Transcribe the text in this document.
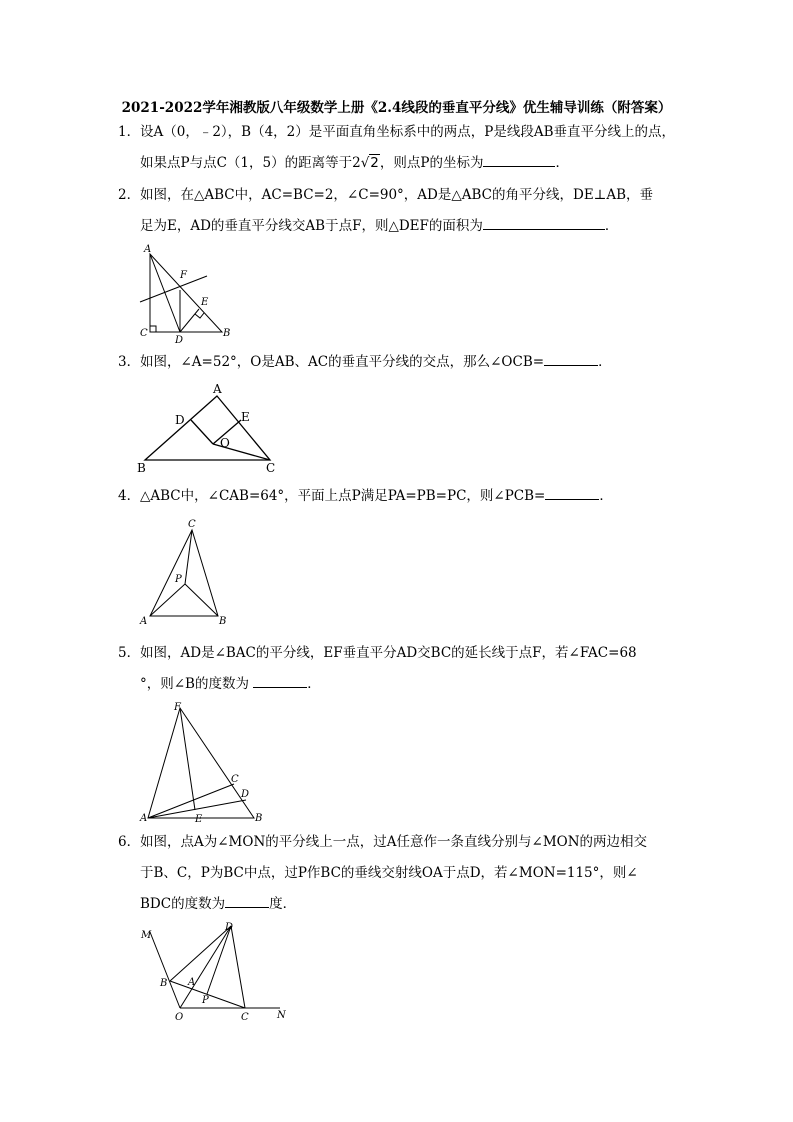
2021-2022学年湘教版八年级数学上册《2.4线段的垂直平分线》优生辅导训练（附答案）

1．设A（0，﹣2），B（4，2）是平面直角坐标系中的两点，P是线段AB垂直平分线上的点，

如果点P与点C（1，5）的距离等于2√2，则点P的坐标为	．

2．如图，在△ABC中，AC=BC=2，∠C=90°，AD是△ABC的角平分线，DE⊥AB，垂

足为E，AD的垂直平分线交AB于点F，则△DEF的面积为	．

A
F
E
C
D
B

3．如图，∠A=52°，O是AB、AC的垂直平分线的交点，那么∠OCB=	．

A
D	E
O
B	C

4．△ABC中，∠CAB=64°，平面上点P满足PA=PB=PC，则∠PCB=	．

C
P
A	B

5．如图，AD是∠BAC的平分线，EF垂直平分AD交BC的延长线于点F，若∠FAC=68

°，则∠B的度数为	．

F
C
D
A	E	B

6．如图，点A为∠MON的平分线上一点，过A任意作一条直线分别与∠MON的两边相交

于B、C，P为BC中点，过P作BC的垂线交射线OA于点D，若∠MON=115°，则∠

BDC的度数为	度．

D
M
B A
P
O	C	N
